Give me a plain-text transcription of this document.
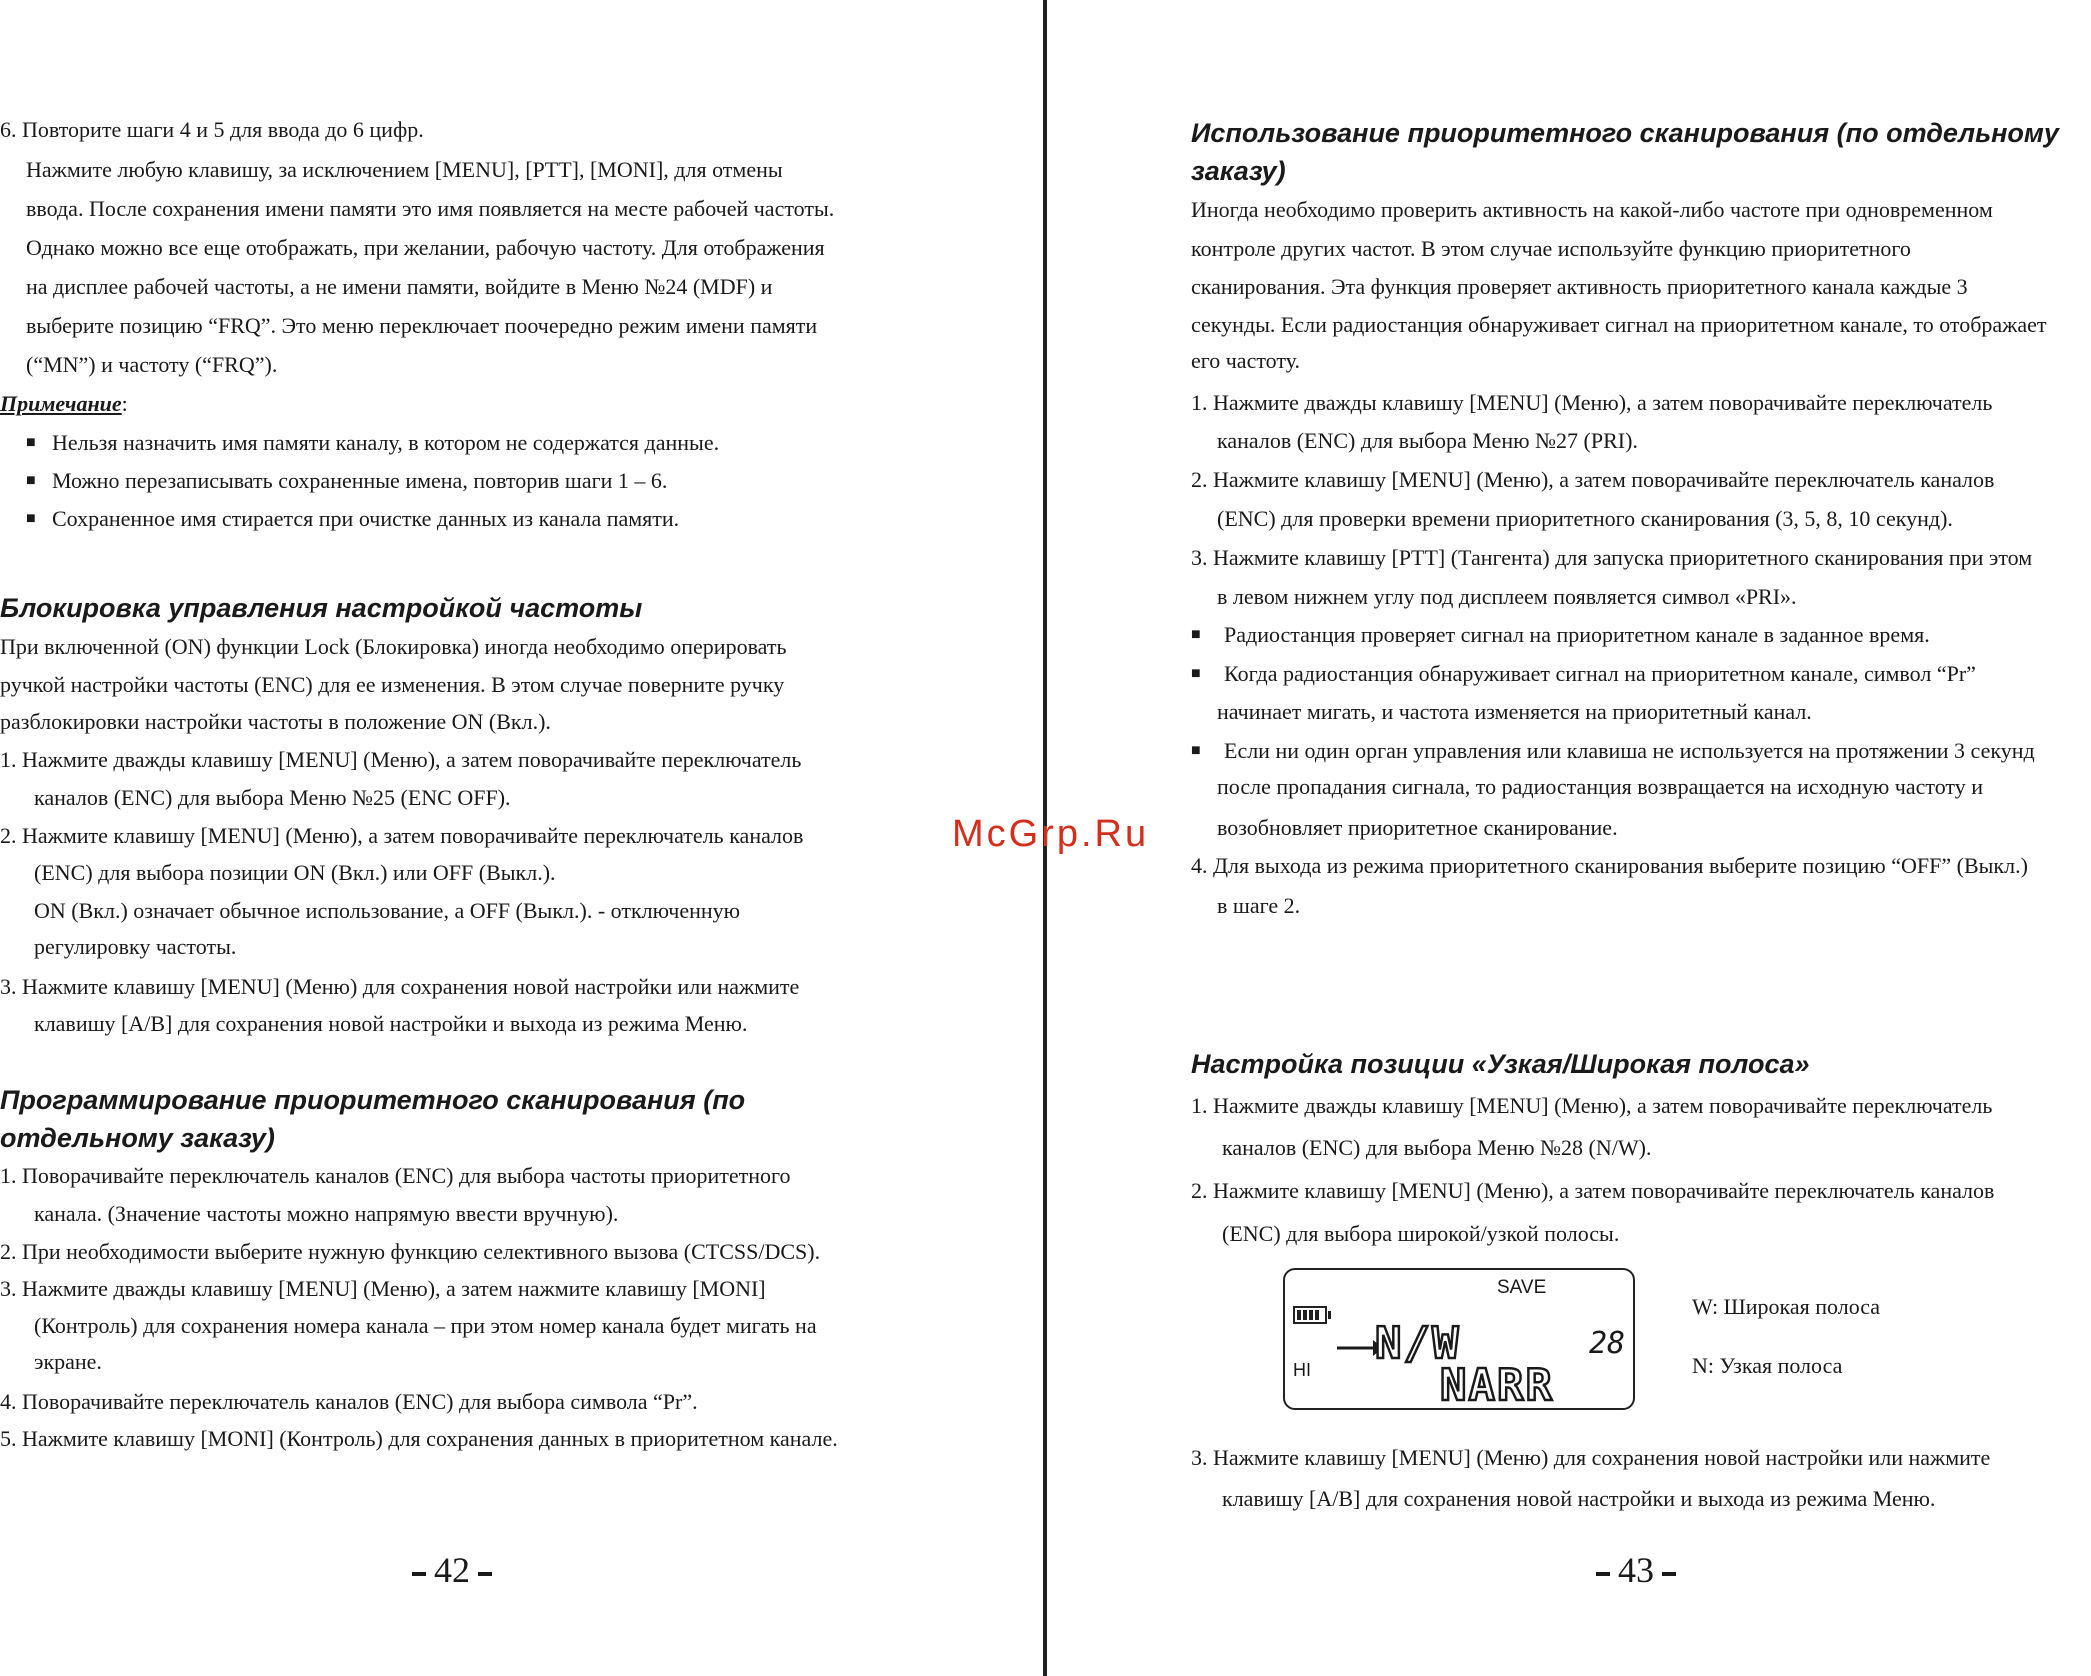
6. Повторите шаги 4 и 5 для ввода до 6 цифр.
Нажмите любую клавишу, за исключением [MENU], [PTT], [MONI], для отмены
ввода. После сохранения имени памяти это имя появляется на месте рабочей частоты.
Однако можно все еще отображать, при желании, рабочую частоту. Для отображения
на дисплее рабочей частоты, а не имени памяти, войдите в Меню №24 (MDF) и
выберите позицию “FRQ”. Это меню переключает поочередно режим имени памяти
(“MN”) и частоту (“FRQ”).
Примечание:
■ Нельзя назначить имя памяти каналу, в котором не содержатся данные.
■ Можно перезаписывать сохраненные имена, повторив шаги 1 – 6.
■ Сохраненное имя стирается при очистке данных из канала памяти.
Блокировка управления настройкой частоты
При включенной (ON) функции Lock (Блокировка) иногда необходимо оперировать
ручкой настройки частоты (ENC) для ее изменения. В этом случае поверните ручку
разблокировки настройки частоты в положение ON (Вкл.).
1. Нажмите дважды клавишу [MENU] (Меню), а затем поворачивайте переключатель
каналов (ENC) для выбора Меню №25 (ENC OFF).
2. Нажмите клавишу [MENU] (Меню), а затем поворачивайте переключатель каналов
(ENC) для выбора позиции ON (Вкл.) или OFF (Выкл.).
ON (Вкл.) означает обычное использование, а OFF (Выкл.). - отключенную
регулировку частоты.
3. Нажмите клавишу [MENU] (Меню) для сохранения новой настройки или нажмите
клавишу [A/B] для сохранения новой настройки и выхода из режима Меню.
Программирование приоритетного сканирования (по
отдельному заказу)
1. Поворачивайте переключатель каналов (ENC) для выбора частоты приоритетного
канала. (Значение частоты можно напрямую ввести вручную).
2. При необходимости выберите нужную функцию селективного вызова (CTCSS/DCS).
3. Нажмите дважды клавишу [MENU] (Меню), а затем нажмите клавишу [MONI]
(Контроль) для сохранения номера канала – при этом номер канала будет мигать на
экране.
4. Поворачивайте переключатель каналов (ENC) для выбора символа “Pr”.
5. Нажмите клавишу [MONI] (Контроль) для сохранения данных в приоритетном канале.
42
Использование приоритетного сканирования (по отдельному
заказу)
Иногда необходимо проверить активность на какой-либо частоте при одновременном
контроле других частот. В этом случае используйте функцию приоритетного
сканирования. Эта функция проверяет активность приоритетного канала каждые 3
секунды. Если радиостанция обнаруживает сигнал на приоритетном канале, то отображает
его частоту.
1. Нажмите дважды клавишу [MENU] (Меню), а затем поворачивайте переключатель
каналов (ENC) для выбора Меню №27 (PRI).
2. Нажмите клавишу [MENU] (Меню), а затем поворачивайте переключатель каналов
(ENC) для проверки времени приоритетного сканирования (3, 5, 8, 10 секунд).
3. Нажмите клавишу [PTT] (Тангента) для запуска приоритетного сканирования при этом
в левом нижнем углу под дисплеем появляется символ «PRI».
■ Радиостанция проверяет сигнал на приоритетном канале в заданное время.
■ Когда радиостанция обнаруживает сигнал на приоритетном канале, символ “Pr”
начинает мигать, и частота изменяется на приоритетный канал.
■ Если ни один орган управления или клавиша не используется на протяжении 3 секунд
после пропадания сигнала, то радиостанция возвращается на исходную частоту и
возобновляет приоритетное сканирование.
4. Для выхода из режима приоритетного сканирования выберите позицию “OFF” (Выкл.)
в шаге 2.
Настройка позиции «Узкая/Широкая полоса»
1. Нажмите дважды клавишу [MENU] (Меню), а затем поворачивайте переключатель
каналов (ENC) для выбора Меню №28 (N/W).
2. Нажмите клавишу [MENU] (Меню), а затем поворачивайте переключатель каналов
(ENC) для выбора широкой/узкой полосы.
W: Широкая полоса
N: Узкая полоса
3. Нажмите клавишу [MENU] (Меню) для сохранения новой настройки или нажмите
клавишу [A/B] для сохранения новой настройки и выхода из режима Меню.
43
SAVE
HI
N/W	28
NARR
McGrp.Ru
